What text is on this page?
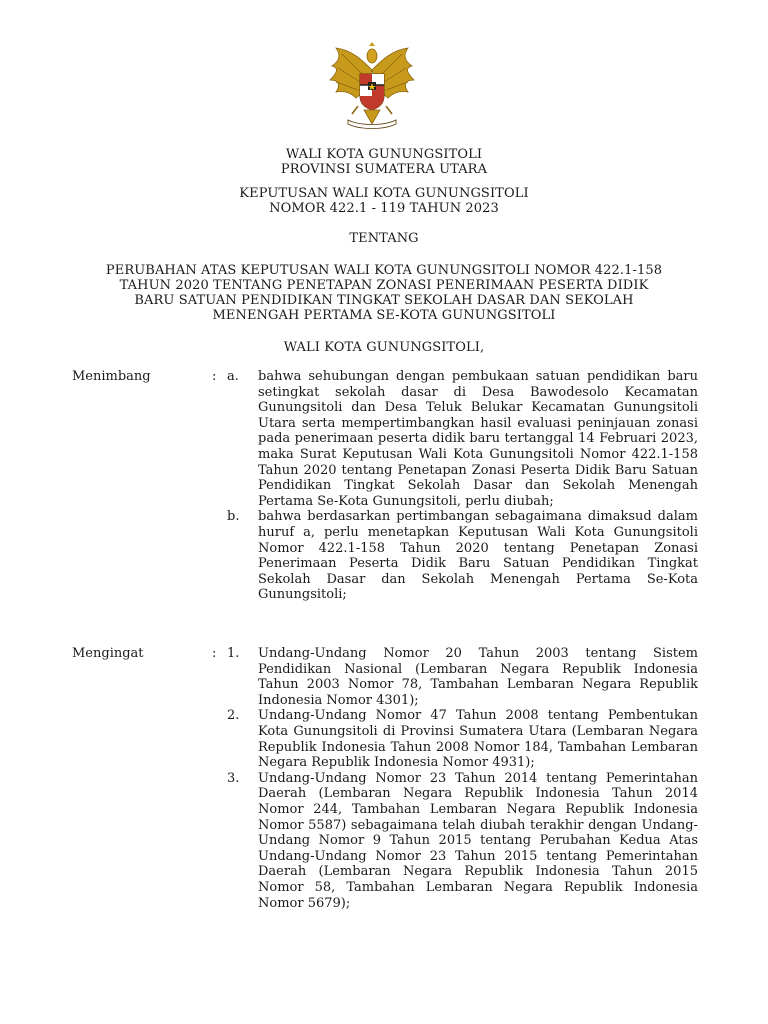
WALI KOTA GUNUNGSITOLI
PROVINSI SUMATERA UTARA
KEPUTUSAN WALI KOTA GUNUNGSITOLI
NOMOR 422.1 - 119 TAHUN 2023
TENTANG
PERUBAHAN ATAS KEPUTUSAN WALI KOTA GUNUNGSITOLI NOMOR 422.1-158
TAHUN 2020 TENTANG PENETAPAN ZONASI PENERIMAAN PESERTA DIDIK
BARU SATUAN PENDIDIKAN TINGKAT SEKOLAH DASAR DAN SEKOLAH
MENENGAH PERTAMA SE-KOTA GUNUNGSITOLI
WALI KOTA GUNUNGSITOLI,
Menimbang	: a. bahwa sehubungan dengan pembukaan satuan pendidikan baru setingkat sekolah dasar di Desa Bawodesolo Kecamatan Gunungsitoli dan Desa Teluk Belukar Kecamatan Gunungsitoli Utara serta mempertimbangkan hasil evaluasi peninjauan zonasi pada penerimaan peserta didik baru tertanggal 14 Februari 2023, maka Surat Keputusan Wali Kota Gunungsitoli Nomor 422.1-158 Tahun 2020 tentang Penetapan Zonasi Peserta Didik Baru Satuan Pendidikan Tingkat Sekolah Dasar dan Sekolah Menengah Pertama Se-Kota Gunungsitoli, perlu diubah;
b. bahwa berdasarkan pertimbangan sebagaimana dimaksud dalam huruf a, perlu menetapkan Keputusan Wali Kota Gunungsitoli Nomor 422.1-158 Tahun 2020 tentang Penetapan Zonasi Penerimaan Peserta Didik Baru Satuan Pendidikan Tingkat Sekolah Dasar dan Sekolah Menengah Pertama Se-Kota Gunungsitoli;
Mengingat	: 1. Undang-Undang Nomor 20 Tahun 2003 tentang Sistem Pendidikan Nasional (Lembaran Negara Republik Indonesia Tahun 2003 Nomor 78, Tambahan Lembaran Negara Republik Indonesia Nomor 4301);
2. Undang-Undang Nomor 47 Tahun 2008 tentang Pembentukan Kota Gunungsitoli di Provinsi Sumatera Utara (Lembaran Negara Republik Indonesia Tahun 2008 Nomor 184, Tambahan Lembaran Negara Republik Indonesia Nomor 4931);
3. Undang-Undang Nomor 23 Tahun 2014 tentang Pemerintahan Daerah (Lembaran Negara Republik Indonesia Tahun 2014 Nomor 244, Tambahan Lembaran Negara Republik Indonesia Nomor 5587) sebagaimana telah diubah terakhir dengan Undang-Undang Nomor 9 Tahun 2015 tentang Perubahan Kedua Atas Undang-Undang Nomor 23 Tahun 2015 tentang Pemerintahan Daerah (Lembaran Negara Republik Indonesia Tahun 2015 Nomor 58, Tambahan Lembaran Negara Republik Indonesia Nomor 5679);
